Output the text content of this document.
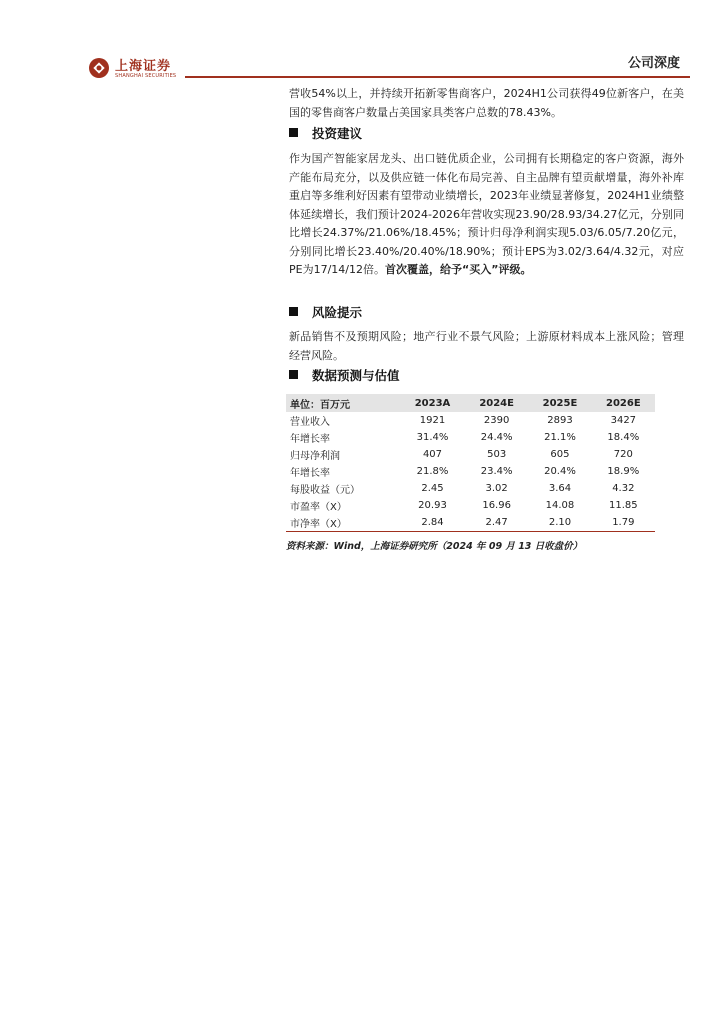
上海证券
SHANGHAI SECURITIES
公司深度

营收54%以上，并持续开拓新零售商客户，2024H1公司获得49位新客户，在美国的零售商客户数量占美国家具类客户总数的78.43%。

投资建议

作为国产智能家居龙头、出口链优质企业，公司拥有长期稳定的客户资源，海外产能布局充分，以及供应链一体化布局完善、自主品牌有望贡献增量，海外补库重启等多维利好因素有望带动业绩增长，2023年业绩显著修复，2024H1业绩整体延续增长，我们预计2024-2026年营收实现23.90/28.93/34.27亿元，分别同比增长24.37%/21.06%/18.45%；预计归母净利润实现5.03/6.05/7.20亿元，分别同比增长23.40%/20.40%/18.90%；预计EPS为3.02/3.64/4.32元，对应PE为17/14/12倍。首次覆盖，给予“买入”评级。

风险提示

新品销售不及预期风险；地产行业不景气风险；上游原材料成本上涨风险；管理经营风险。

数据预测与估值
单位：百万元	2023A	2024E	2025E	2026E
营业收入	1921	2390	2893	3427
年增长率	31.4%	24.4%	21.1%	18.4%
归母净利润	407	503	605	720
年增长率	21.8%	23.4%	20.4%	18.9%
每股收益（元）	2.45	3.02	3.64	4.32
市盈率（X）	20.93	16.96	14.08	11.85
市净率（X）	2.84	2.47	2.10	1.79
资料来源：Wind，上海证券研究所（2024 年 09 月 13 日收盘价）
